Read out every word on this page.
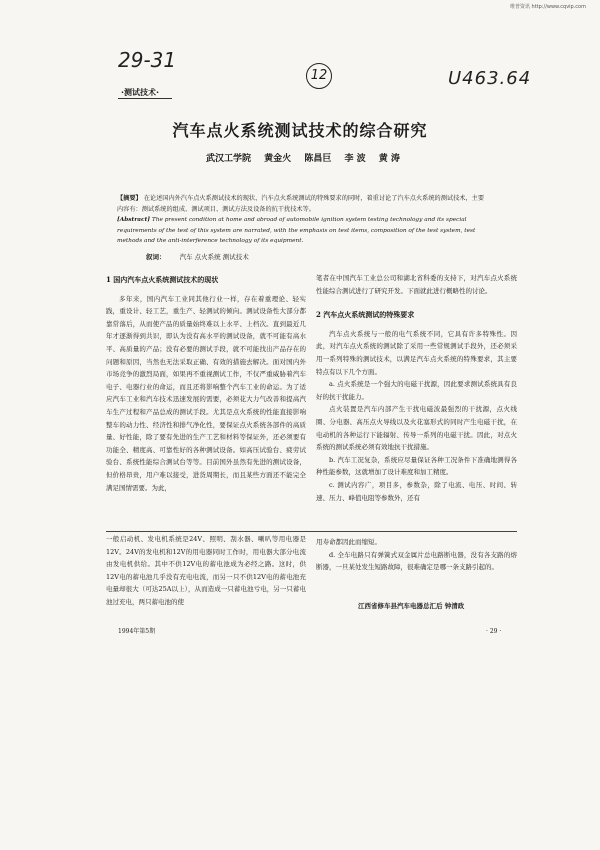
维普资讯 http://www.cqvip.com
29-31
12	U463.64
·测试技术·
汽车点火系统测试技术的综合研究
武汉工学院 黄金火 陈昌巨 李 波 黄 涛
【摘要】 在论述国内外汽车点火系测试技术的现状、汽车点火系统测试的特殊要求的同时，着重讨论了汽车点火系统的测试技术，主要内容有：测试系统的组成、测试项目、测试方法及设备的抗干扰技术等。
[Abstract] The present condition at home and abroad of automobile ignition system testing technology and its special requirements of the test of this system are narrated, with the emphasis on test items, composition of the test system, test methods and the anti-interference technology of its equipment.
叙词： 汽车 点火系统 测试技术
1 国内汽车点火系统测试技术的现状

多年来，国内汽车工业同其他行业一样，存在着重理论、轻实践，重设计、轻工艺，重生产、轻测试的倾向。测试设备性大部分都靠常落后，从而使产品的质量始终难以上水平、上档次。直到最近几年才逐渐得到共识，即认为没有高水平的测试设备，就不可能有高水平、高质量的产品；没有必要的测试手段，就不可能找出产品存在的问题和原因，当然也无法采取正确、有效的措施去解决。面对国内外市场竞争的激烈局面，如果再不重视测试工作，不仅严重威胁着汽车电子、电器行业的命运，而且还将影响整个汽车工业的命运。为了适应汽车工业和汽车技术迅速发展的需要，必须花大力气改善和提高汽车生产过程和产品总成的测试手段。尤其是点火系统的性能直接影响整车的动力性、经济性和排气净化性，要保证点火系统各部件的高质量、好性能，除了要有先进的生产工艺和材料等保证外，还必须要有功能全、精度高、可靠性好的各种测试设备。如高压试验台、疲劳试验台、系统性能综合测试台等等。目前国外虽然有先进的测试设备，但价格昂贵，用户难以接受，进货周期长，而且某些方面还不能完全满足国情需要。为此，

笔者在中国汽车工业总公司和湖北省科委的支持下，对汽车点火系统性能综合测试进行了研究开发。下面就此进行概略性的讨论。

2 汽车点火系统测试的特殊要求

汽车点火系统与一般的电气系统不同，它具有许多特殊性。因此，对汽车点火系统的测试除了采用一些常规测试手段外，还必须采用一系列特殊的测试技术，以满足汽车点火系统的特殊要求，其主要特点有以下几个方面。

a. 点火系统是一个强大的电磁干扰源，因此要求测试系统具有良好的抗干扰能力。

点火装置是汽车内部产生干扰电磁波最强烈的干扰源，点火线圈、分电器、高压点火导线以及火花塞形式的同时产生电磁干扰，在电动机的各种运行下能辐射、传导一系列的电磁干扰。因此，对点火系统的测试系统必须有效地抗干扰措施。

b. 汽车工况复杂，系统应尽量保证各种工况条件下准确地测得各种性能参数，这就增加了设计难度和加工精度。

c. 测试内容广，项目多，参数杂，除了电流、电压、时间、转速、压力、峰值电阻等参数外，还有

一般启动机、发电机系统是24V、照明、刮水器、喇叭等用电器是12V。24V的发电机和12V的用电器同时工作时，用电器大部分电流由发电机供给。其中不供12V电的蓄电池成为必经之路。这时，供12V电的蓄电池几乎没有充电电流，而另一只不供12V电的蓄电池充电量却很大（可达25A以上），从而造成一只蓄电池亏电，另一只蓄电池过充电，两只蓄电池的使

用寿命都因此而缩短。

d. 全车电路只有弹簧式双金属片总电路断电器，没有各支路的熔断器，一旦某处发生短路故障，很难确定是哪一条支路引起的。

江西省修车县汽车电器总汇后 钟清政
1994年第5期	· 29 ·
